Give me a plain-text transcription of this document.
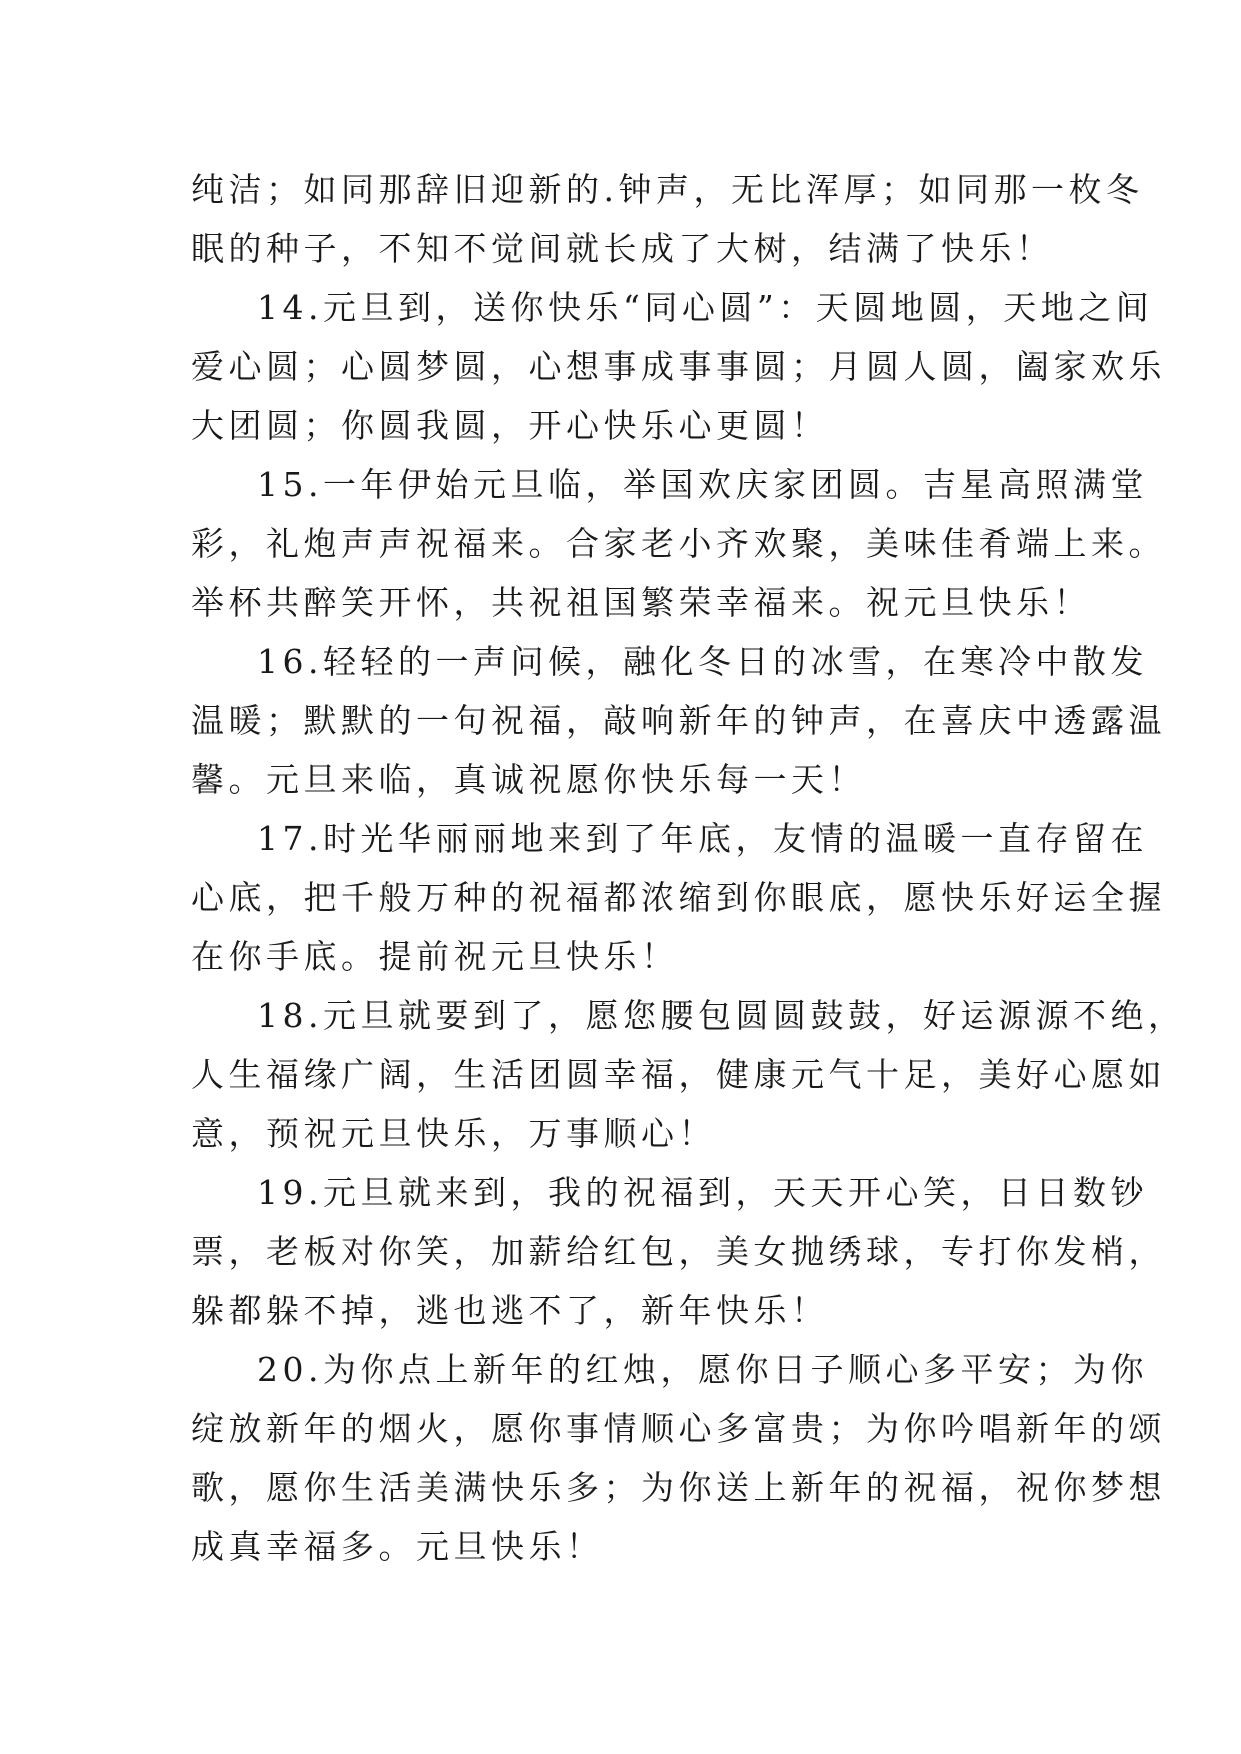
纯洁；如同那辞旧迎新的.钟声，无比浑厚；如同那一枚冬
眠的种子，不知不觉间就长成了大树，结满了快乐！
14.元旦到，送你快乐“同心圆”：天圆地圆，天地之间
爱心圆；心圆梦圆，心想事成事事圆；月圆人圆，阖家欢乐
大团圆；你圆我圆，开心快乐心更圆！
15.一年伊始元旦临，举国欢庆家团圆。吉星高照满堂
彩，礼炮声声祝福来。合家老小齐欢聚，美味佳肴端上来。
举杯共醉笑开怀，共祝祖国繁荣幸福来。祝元旦快乐！
16.轻轻的一声问候，融化冬日的冰雪，在寒冷中散发
温暖；默默的一句祝福，敲响新年的钟声，在喜庆中透露温
馨。元旦来临，真诚祝愿你快乐每一天！
17.时光华丽丽地来到了年底，友情的温暖一直存留在
心底，把千般万种的祝福都浓缩到你眼底，愿快乐好运全握
在你手底。提前祝元旦快乐！
18.元旦就要到了，愿您腰包圆圆鼓鼓，好运源源不绝，
人生福缘广阔，生活团圆幸福，健康元气十足，美好心愿如
意，预祝元旦快乐，万事顺心！
19.元旦就来到，我的祝福到，天天开心笑，日日数钞
票，老板对你笑，加薪给红包，美女抛绣球，专打你发梢，
躲都躲不掉，逃也逃不了，新年快乐！
20.为你点上新年的红烛，愿你日子顺心多平安；为你
绽放新年的烟火，愿你事情顺心多富贵；为你吟唱新年的颂
歌，愿你生活美满快乐多；为你送上新年的祝福，祝你梦想
成真幸福多。元旦快乐！
